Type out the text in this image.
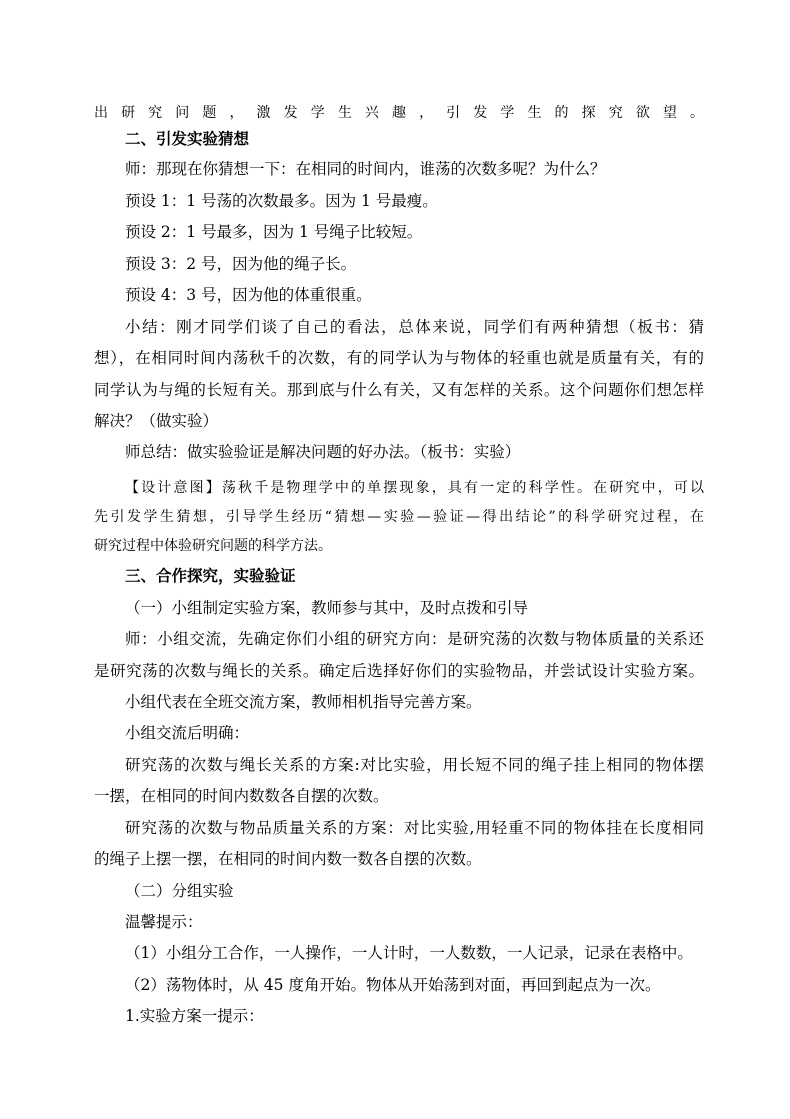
出研究问题，激发学生兴趣，引发学生的探究欲望。
二、引发实验猜想
师：那现在你猜想一下：在相同的时间内，谁荡的次数多呢？为什么？
预设 1：1 号荡的次数最多。因为 1 号最瘦。
预设 2：1 号最多，因为 1 号绳子比较短。
预设 3：2 号，因为他的绳子长。
预设 4：3 号，因为他的体重很重。
小结：刚才同学们谈了自己的看法，总体来说，同学们有两种猜想（板书：猜
想），在相同时间内荡秋千的次数，有的同学认为与物体的轻重也就是质量有关，有的
同学认为与绳的长短有关。那到底与什么有关，又有怎样的关系。这个问题你们想怎样
解决？（做实验）
师总结：做实验验证是解决问题的好办法。（板书：实验）
【设计意图】荡秋千是物理学中的单摆现象，具有一定的科学性。在研究中，可以
先引发学生猜想，引导学生经历“猜想—实验—验证—得出结论”的科学研究过程，在
研究过程中体验研究问题的科学方法。
三、合作探究，实验验证
（一）小组制定实验方案，教师参与其中，及时点拨和引导
师：小组交流，先确定你们小组的研究方向：是研究荡的次数与物体质量的关系还
是研究荡的次数与绳长的关系。确定后选择好你们的实验物品，并尝试设计实验方案。
小组代表在全班交流方案，教师相机指导完善方案。
小组交流后明确：
研究荡的次数与绳长关系的方案:对比实验，用长短不同的绳子挂上相同的物体摆
一摆，在相同的时间内数数各自摆的次数。
研究荡的次数与物品质量关系的方案：对比实验,用轻重不同的物体挂在长度相同
的绳子上摆一摆，在相同的时间内数一数各自摆的次数。
（二）分组实验
温馨提示：
（1）小组分工合作，一人操作，一人计时，一人数数，一人记录，记录在表格中。
（2）荡物体时，从 45 度角开始。物体从开始荡到对面，再回到起点为一次。
1.实验方案一提示：
